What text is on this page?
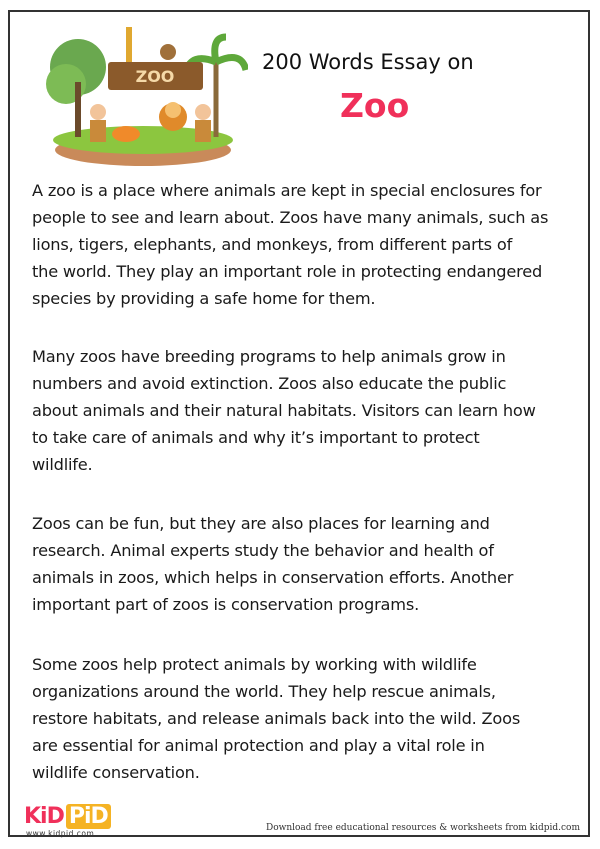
ZOO
200 Words Essay on
Zoo
A zoo is a place where animals are kept in special enclosures for
people to see and learn about. Zoos have many animals, such as
lions, tigers, elephants, and monkeys, from different parts of
the world. They play an important role in protecting endangered
species by providing a safe home for them.
Many zoos have breeding programs to help animals grow in
numbers and avoid extinction. Zoos also educate the public
about animals and their natural habitats. Visitors can learn how
to take care of animals and why it’s important to protect
wildlife.
Zoos can be fun, but they are also places for learning and
research. Animal experts study the behavior and health of
animals in zoos, which helps in conservation efforts. Another
important part of zoos is conservation programs.
Some zoos help protect animals by working with wildlife
organizations around the world. They help rescue animals,
restore habitats, and release animals back into the wild. Zoos
are essential for animal protection and play a vital role in
wildlife conservation.
KiD PiD
www.kidpid.com
Download free educational resources & worksheets from kidpid.com
